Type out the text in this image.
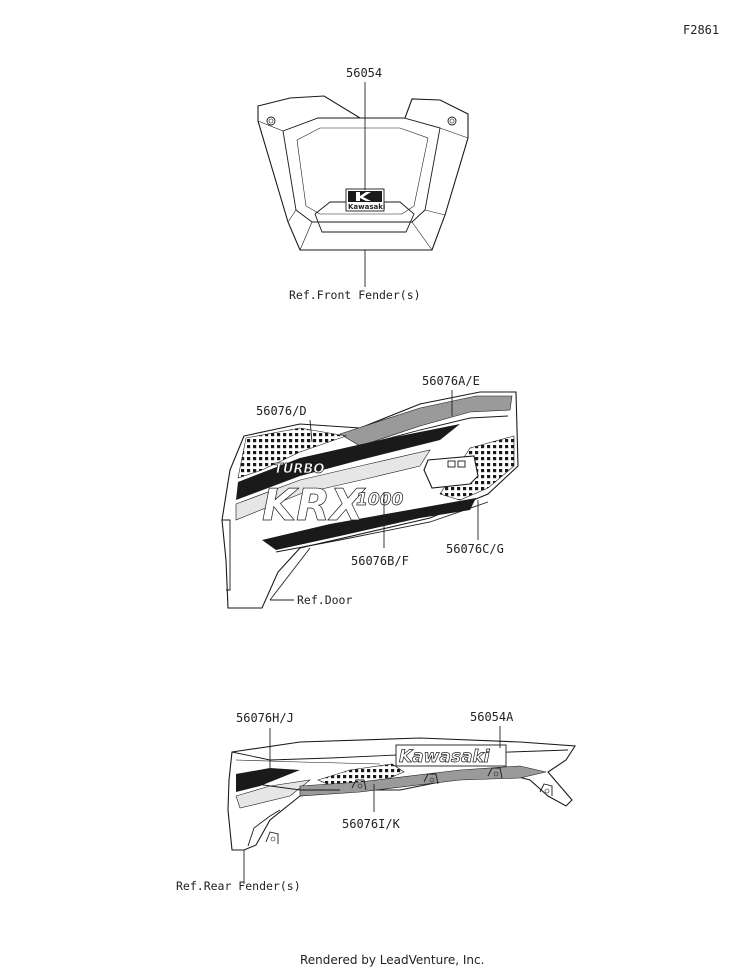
F2861
Kawasaki
56054
Ref.Front Fender(s)
TURBO
KRX
1000
56076A/E
56076/D
56076B/F
56076C/G
Ref.Door
Kawasaki
56076H/J	56054A
56076I/K
Ref.Rear Fender(s)
Rendered by LeadVenture, Inc.
